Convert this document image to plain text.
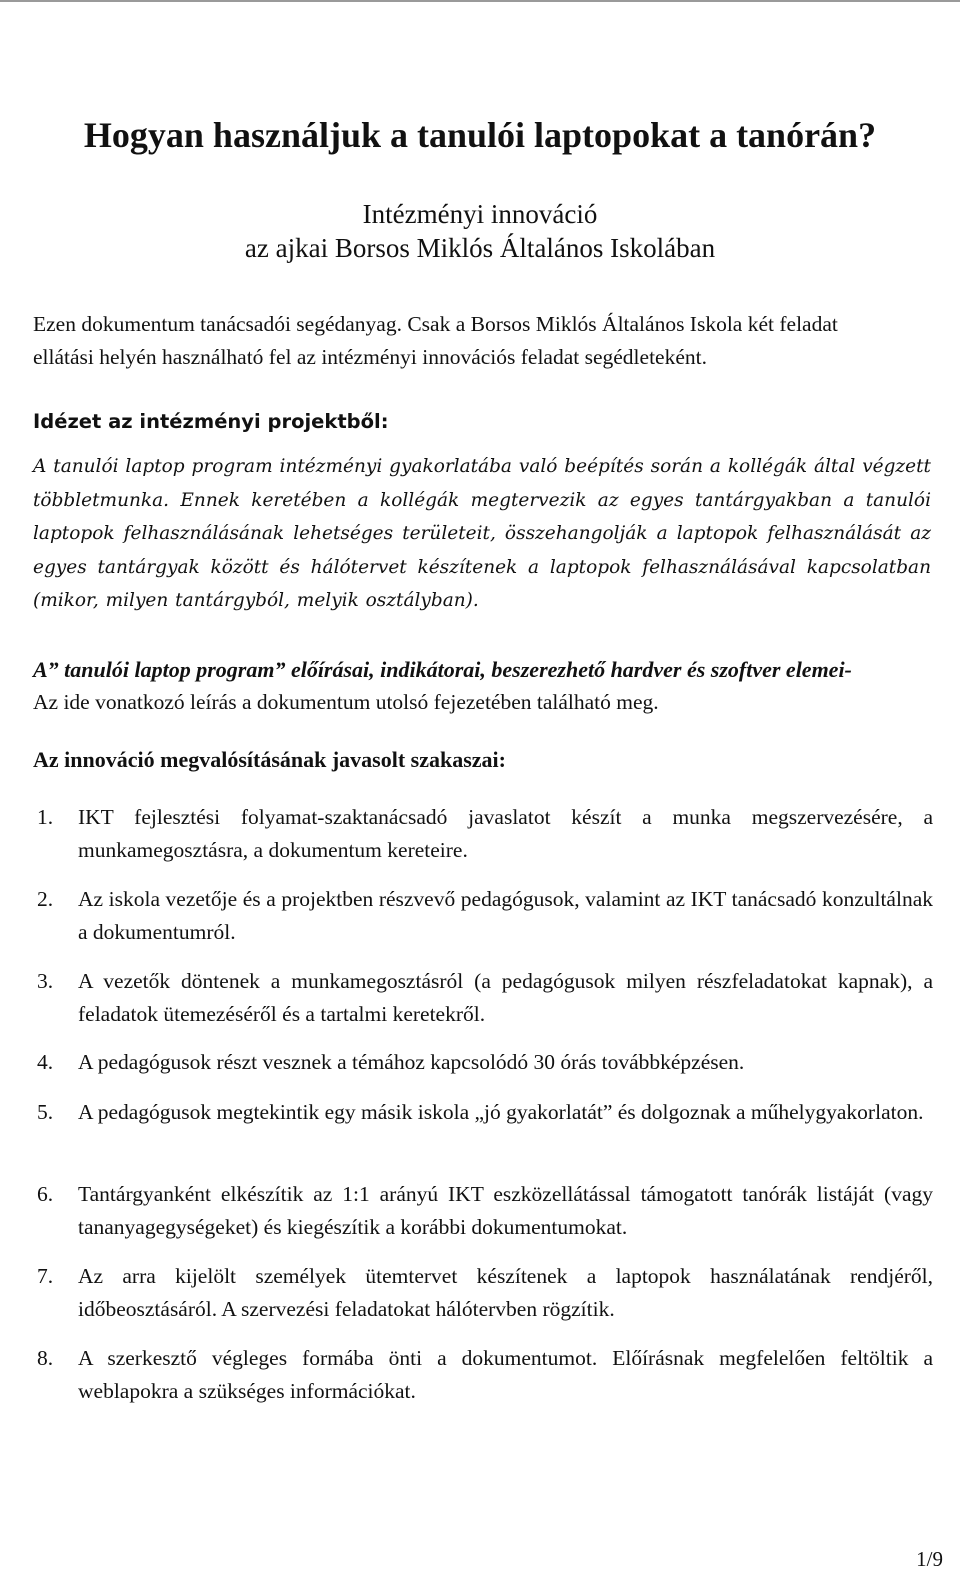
Hogyan használjuk a tanulói laptopokat a tanórán?
Intézményi innováció
az ajkai Borsos Miklós Általános Iskolában
Ezen dokumentum tanácsadói segédanyag. Csak a Borsos Miklós Általános Iskola két feladat
ellátási helyén használható fel az intézményi innovációs feladat segédleteként.
Idézet az intézményi projektből:
A tanulói laptop program intézményi gyakorlatába való beépítés során a kollégák által végzett többletmunka. Ennek keretében a kollégák megtervezik az egyes tantárgyakban a tanulói laptopok felhasználásának lehetséges területeit, összehangolják a laptopok felhasználását az egyes tantárgyak között és hálótervet készítenek a laptopok felhasználásával kapcsolatban (mikor, milyen tantárgyból, melyik osztályban).
A” tanulói laptop program” előírásai, indikátorai, beszerezhető hardver és szoftver elemei-
Az ide vonatkozó leírás a dokumentum utolsó fejezetében található meg.
Az innováció megvalósításának javasolt szakaszai:
1. IKT fejlesztési folyamat-szaktanácsadó javaslatot készít a munka megszervezésére, a munkamegosztásra, a dokumentum kereteire.
2. Az iskola vezetője és a projektben részvevő pedagógusok, valamint az IKT tanácsadó konzultálnak a dokumentumról.
3. A vezetők döntenek a munkamegosztásról (a pedagógusok milyen részfeladatokat kapnak), a feladatok ütemezéséről és a tartalmi keretekről.
4. A pedagógusok részt vesznek a témához kapcsolódó 30 órás továbbképzésen.
5. A pedagógusok megtekintik egy másik iskola „jó gyakorlatát” és dolgoznak a műhelygyakorlaton.
6. Tantárgyanként elkészítik az 1:1 arányú IKT eszközellátással támogatott tanórák listáját (vagy tananyagegységeket) és kiegészítik a korábbi dokumentumokat.
7. Az arra kijelölt személyek ütemtervet készítenek a laptopok használatának rendjéről, időbeosztásáról. A szervezési feladatokat hálótervben rögzítik.
8. A szerkesztő végleges formába önti a dokumentumot. Előírásnak megfelelően feltöltik a weblapokra a szükséges információkat.
1/9
